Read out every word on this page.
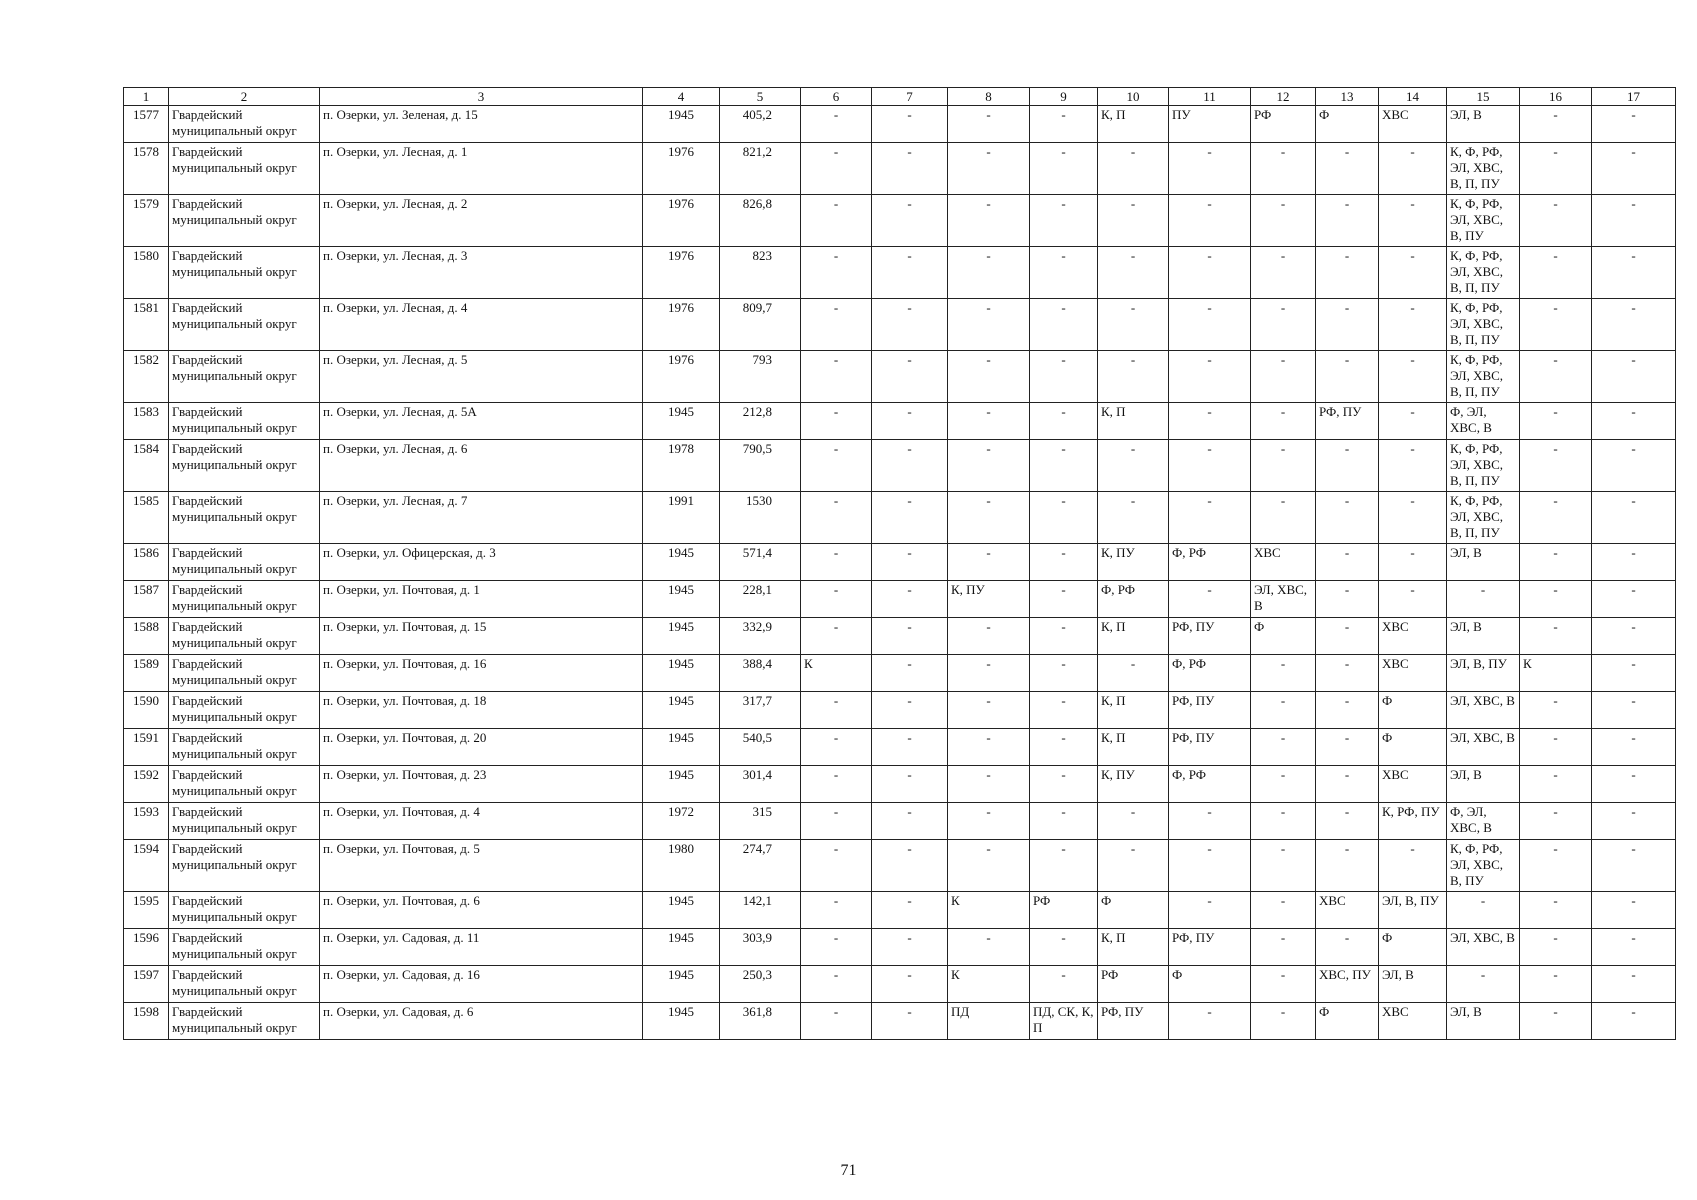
1	2	3	4	5	6	7	8	9	10	11	12	13	14	15	16	17
1577	Гвардейский муниципальный округ	п. Озерки, ул. Зеленая, д. 15	1945	405,2	-	-	-	-	К, П	ПУ	РФ	Ф	ХВС	ЭЛ, В	-	-
1578	Гвардейский муниципальный округ	п. Озерки, ул. Лесная, д. 1	1976	821,2	-	-	-	-	-	-	-	-	-	К, Ф, РФ, ЭЛ, ХВС, В, П, ПУ	-	-
1579	Гвардейский муниципальный округ	п. Озерки, ул. Лесная, д. 2	1976	826,8	-	-	-	-	-	-	-	-	-	К, Ф, РФ, ЭЛ, ХВС, В, ПУ	-	-
1580	Гвардейский муниципальный округ	п. Озерки, ул. Лесная, д. 3	1976	823	-	-	-	-	-	-	-	-	-	К, Ф, РФ, ЭЛ, ХВС, В, П, ПУ	-	-
1581	Гвардейский муниципальный округ	п. Озерки, ул. Лесная, д. 4	1976	809,7	-	-	-	-	-	-	-	-	-	К, Ф, РФ, ЭЛ, ХВС, В, П, ПУ	-	-
1582	Гвардейский муниципальный округ	п. Озерки, ул. Лесная, д. 5	1976	793	-	-	-	-	-	-	-	-	-	К, Ф, РФ, ЭЛ, ХВС, В, П, ПУ	-	-
1583	Гвардейский муниципальный округ	п. Озерки, ул. Лесная, д. 5А	1945	212,8	-	-	-	-	К, П	-	-	РФ, ПУ	-	Ф, ЭЛ, ХВС, В	-	-
1584	Гвардейский муниципальный округ	п. Озерки, ул. Лесная, д. 6	1978	790,5	-	-	-	-	-	-	-	-	-	К, Ф, РФ, ЭЛ, ХВС, В, П, ПУ	-	-
1585	Гвардейский муниципальный округ	п. Озерки, ул. Лесная, д. 7	1991	1530	-	-	-	-	-	-	-	-	-	К, Ф, РФ, ЭЛ, ХВС, В, П, ПУ	-	-
1586	Гвардейский муниципальный округ	п. Озерки, ул. Офицерская, д. 3	1945	571,4	-	-	-	-	К, ПУ	Ф, РФ	ХВС	-	-	ЭЛ, В	-	-
1587	Гвардейский муниципальный округ	п. Озерки, ул. Почтовая, д. 1	1945	228,1	-	-	К, ПУ	-	Ф, РФ	-	ЭЛ, ХВС, В	-	-	-	-	-
1588	Гвардейский муниципальный округ	п. Озерки, ул. Почтовая, д. 15	1945	332,9	-	-	-	-	К, П	РФ, ПУ	Ф	-	ХВС	ЭЛ, В	-	-
1589	Гвардейский муниципальный округ	п. Озерки, ул. Почтовая, д. 16	1945	388,4	К	-	-	-	-	Ф, РФ	-	-	ХВС	ЭЛ, В, ПУ	К	-
1590	Гвардейский муниципальный округ	п. Озерки, ул. Почтовая, д. 18	1945	317,7	-	-	-	-	К, П	РФ, ПУ	-	-	Ф	ЭЛ, ХВС, В	-	-
1591	Гвардейский муниципальный округ	п. Озерки, ул. Почтовая, д. 20	1945	540,5	-	-	-	-	К, П	РФ, ПУ	-	-	Ф	ЭЛ, ХВС, В	-	-
1592	Гвардейский муниципальный округ	п. Озерки, ул. Почтовая, д. 23	1945	301,4	-	-	-	-	К, ПУ	Ф, РФ	-	-	ХВС	ЭЛ, В	-	-
1593	Гвардейский муниципальный округ	п. Озерки, ул. Почтовая, д. 4	1972	315	-	-	-	-	-	-	-	-	К, РФ, ПУ	Ф, ЭЛ, ХВС, В	-	-
1594	Гвардейский муниципальный округ	п. Озерки, ул. Почтовая, д. 5	1980	274,7	-	-	-	-	-	-	-	-	-	К, Ф, РФ, ЭЛ, ХВС, В, ПУ	-	-
1595	Гвардейский муниципальный округ	п. Озерки, ул. Почтовая, д. 6	1945	142,1	-	-	К	РФ	Ф	-	-	ХВС	ЭЛ, В, ПУ	-	-	-
1596	Гвардейский муниципальный округ	п. Озерки, ул. Садовая, д. 11	1945	303,9	-	-	-	-	К, П	РФ, ПУ	-	-	Ф	ЭЛ, ХВС, В	-	-
1597	Гвардейский муниципальный округ	п. Озерки, ул. Садовая, д. 16	1945	250,3	-	-	К	-	РФ	Ф	-	ХВС, ПУ	ЭЛ, В	-	-	-
1598	Гвардейский муниципальный округ	п. Озерки, ул. Садовая, д. 6	1945	361,8	-	-	ПД	ПД, СК, К, П	РФ, ПУ	-	-	Ф	ХВС	ЭЛ, В	-	-
71
